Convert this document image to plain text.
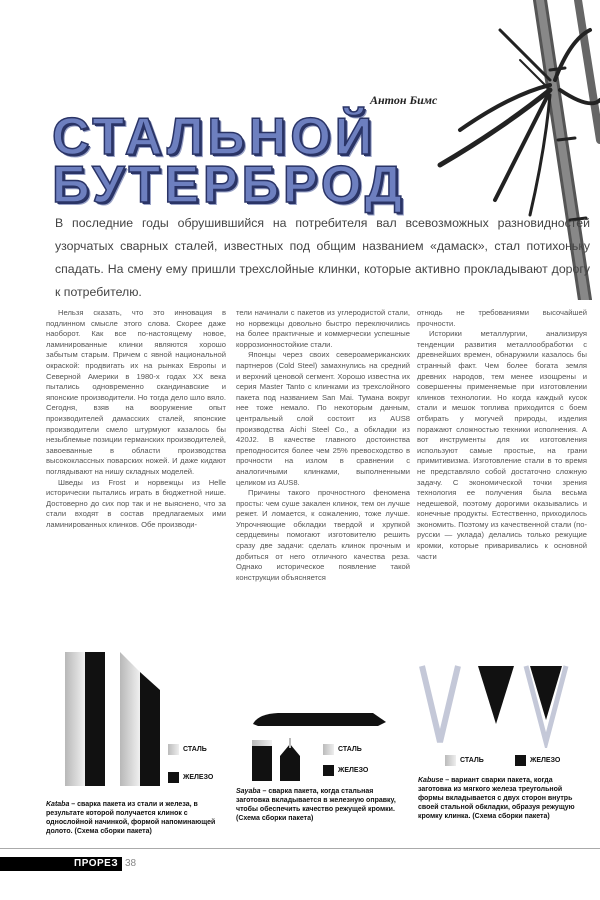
Антон Бимс
СТАЛЬНОЙ
БУТЕРБРОД
В последние годы обрушившийся на потребителя вал всевозможных разновидностей узорчатых сварных сталей, известных под общим названием «дамаск», стал потихоньку спадать. На смену ему пришли трехслойные клинки, которые активно прокладывают дорогу к потребителю.

Нельзя сказать, что это инновация в подлинном смысле этого слова. Скорее даже наоборот. Как все по-настоящему новое, ламинированные клинки являются хорошо забытым старым. Причем с явной национальной окраской: продвигать их на рынках Европы и Северной Америки в 1980-х годах XX века пытались одновременно скандинавские и японские производители. Но тогда дело шло вяло. Сегодня, взяв на вооружение опыт производителей дамасских сталей, японские производители смело штурмуют казалось бы незыблемые позиции германских производителей, завоеванные в области производства высококлассных поварских ножей. И даже кидают поглядывают на нишу складных моделей.

Шведы из Frost и норвежцы из Helle исторически пытались играть в бюджетной нише. Достоверно до сих пор так и не выяснено, что за стали входят в состав предлагаемых ими ламинированных клинков. Обе производи-

тели начинали с пакетов из углеродистой стали, но норвежцы довольно быстро переключились на более практичные и коммерчески успешные коррозионностойкие стали.

Японцы через своих североамериканских партнеров (Cold Steel) замахнулись на средний и верхний ценовой сегмент. Хорошо известна их серия Master Tanto с клинками из трехслойного пакета под названием San Mai. Тумана вокруг нее тоже немало. По некоторым данным, центральный слой состоит из AUS8 производства Aichi Steel Co., а обкладки из 420J2. В качестве главного достоинства преподносится более чем 25% превосходство в прочности на излом в сравнении с аналогичными клинками, выполненными целиком из AUS8.

Причины такого прочностного феномена просты: чем суше закален клинок, тем он лучше режет. И ломается, к сожалению, тоже лучше. Упрочняющие обкладки твердой и хрупкой сердцевины помогают изготовителю решить сразу две задачи: сделать клинок прочным и добиться от него отличного качества реза. Однако историческое появление такой конструкции объясняется

отнюдь не требованиями высочайшей прочности.

Историки металлургии, анализируя тенденции развития металлообработки с древнейших времен, обнаружили казалось бы странный факт. Чем более богата земля древних народов, тем менее изощрены и совершенны применяемые при изготовлении клинков технологии. Но когда каждый кусок стали и мешок топлива приходится с боем отбирать у могучей природы, изделия поражают сложностью техники исполнения. А вот инструменты для их изготовления используют самые простые, на грани примитивизма. Изготовление стали в то время не представляло собой достаточно сложную задачу. С экономической точки зрения технология ее получения была весьма недешевой, поэтому дорогими оказывались и конечные продукты. Естественно, приходилось экономить. Поэтому из качественной стали (по-русски — уклада) делались только режущие кромки, которые приваривались к основной части

СТАЛЬ
ЖЕЛЕЗО
Kataba – сварка пакета из стали и железа, в результате которой получается клинок с однослойной начинкой, формой напоминающей долото. (Схема сборки пакета)
СТАЛЬ
ЖЕЛЕЗО
Sayaba – сварка пакета, когда стальная заготовка вкладывается в железную оправку, чтобы обеспечить качество режущей кромки. (Схема сборки пакета)
СТАЛЬ	ЖЕЛЕЗО
Kabuse – вариант сварки пакета, когда заготовка из мягкого железа треугольной формы вкладывается с двух сторон внутрь своей стальной обкладки, образуя режущую кромку клинка. (Схема сборки пакета)
ПРОРЕЗ 38
